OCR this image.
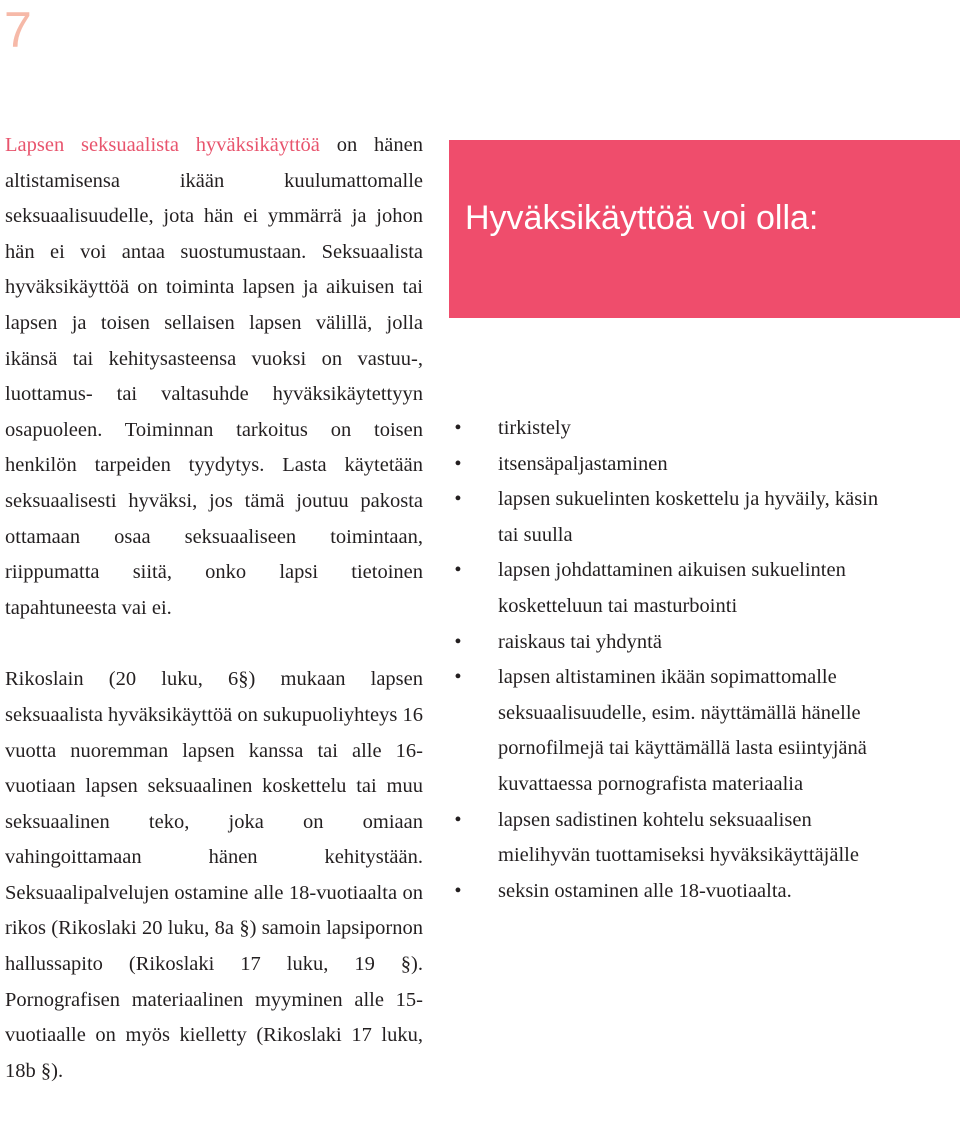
7

Lapsen seksuaalista hyväksikäyttöä on hänen altistamisensa ikään kuulumattomalle seksuaalisuudelle, jota hän ei ymmärrä ja johon hän ei voi antaa suostumustaan. Seksuaalista hyväksikäyttöä on toiminta lapsen ja aikuisen tai lapsen ja toisen sellaisen lapsen välillä, jolla ikänsä tai kehitysasteensa vuoksi on vastuu-, luottamus- tai valtasuhde hyväksikäytettyyn osapuoleen. Toiminnan tarkoitus on toisen henkilön tarpeiden tyydytys. Lasta käytetään seksuaalisesti hyväksi, jos tämä joutuu pakosta ottamaan osaa seksuaaliseen toimintaan, riippumatta siitä, onko lapsi tietoinen tapahtuneesta vai ei.

Rikoslain (20 luku, 6§) mukaan lapsen seksuaalista hyväksikäyttöä on sukupuoliyhteys 16 vuotta nuoremman lapsen kanssa tai alle 16-vuotiaan lapsen seksuaalinen koskettelu tai muu seksuaalinen teko, joka on omiaan vahingoittamaan hänen kehitystään. Seksuaalipalvelujen ostamine alle 18-vuotiaalta on rikos (Rikoslaki 20 luku, 8a §) samoin lapsipornon hallussapito (Rikoslaki 17 luku, 19 §). Pornografisen materiaalinen myyminen alle 15-vuotiaalle on myös kielletty (Rikoslaki 17 luku, 18b §).

Hyväksikäyttöä voi olla:
• tirkistely
• itsensäpaljastaminen
• lapsen sukuelinten koskettelu ja hyväily, käsin tai suulla
• lapsen johdattaminen aikuisen sukuelinten kosketteluun tai masturbointi
• raiskaus tai yhdyntä
• lapsen altistaminen ikään sopimattomalle seksuaalisuudelle, esim. näyttämällä hänelle pornofilmejä tai käyttämällä lasta esiintyjänä kuvattaessa pornografista materiaalia
• lapsen sadistinen kohtelu seksuaalisen mielihyvän tuottamiseksi hyväksikäyttäjälle
• seksin ostaminen alle 18-vuotiaalta.
